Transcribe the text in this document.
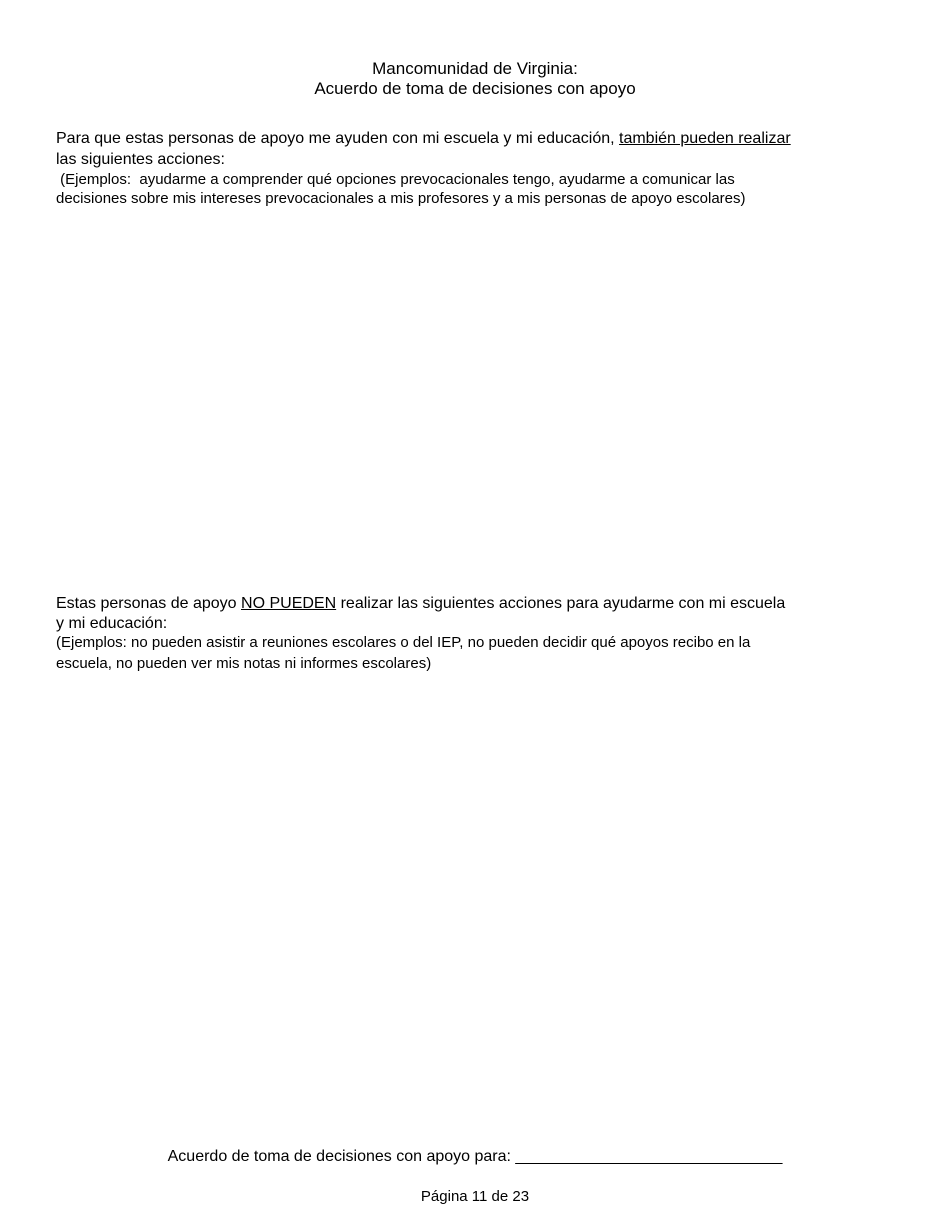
Mancomunidad de Virginia:
Acuerdo de toma de decisiones con apoyo
Para que estas personas de apoyo me ayuden con mi escuela y mi educación, también pueden realizar
las siguientes acciones:
(Ejemplos:  ayudarme a comprender qué opciones prevocacionales tengo, ayudarme a comunicar las
decisiones sobre mis intereses prevocacionales a mis profesores y a mis personas de apoyo escolares)
Estas personas de apoyo NO PUEDEN realizar las siguientes acciones para ayudarme con mi escuela
y mi educación:
(Ejemplos: no pueden asistir a reuniones escolares o del IEP, no pueden decidir qué apoyos recibo en la
escuela, no pueden ver mis notas ni informes escolares)
Acuerdo de toma de decisiones con apoyo para: ______________________________
Página 11 de 23
